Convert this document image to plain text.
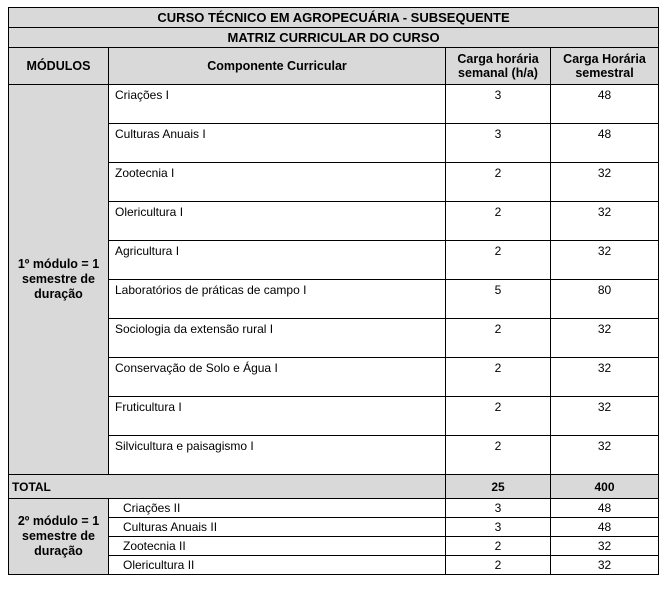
CURSO TÉCNICO EM AGROPECUÁRIA - SUBSEQUENTE			
MATRIZ CURRICULAR DO CURSO			
MÓDULOS	Componente Curricular	Carga horária semanal (h/a)	Carga Horária semestral
1º módulo = 1 semestre de duração	Criações I	3	48
	Culturas Anuais I	3	48
	Zootecnia I	2	32
	Olericultura I	2	32
	Agricultura I	2	32
	Laboratórios de práticas de campo I	5	80
	Sociologia da extensão rural I	2	32
	Conservação de Solo e Água I	2	32
	Fruticultura I	2	32
	Silvicultura e paisagismo I	2	32
TOTAL		25	400
2º módulo = 1 semestre de duração	Criações II	3	48
	Culturas Anuais II	3	48
	Zootecnia II	2	32
	Olericultura II	2	32
